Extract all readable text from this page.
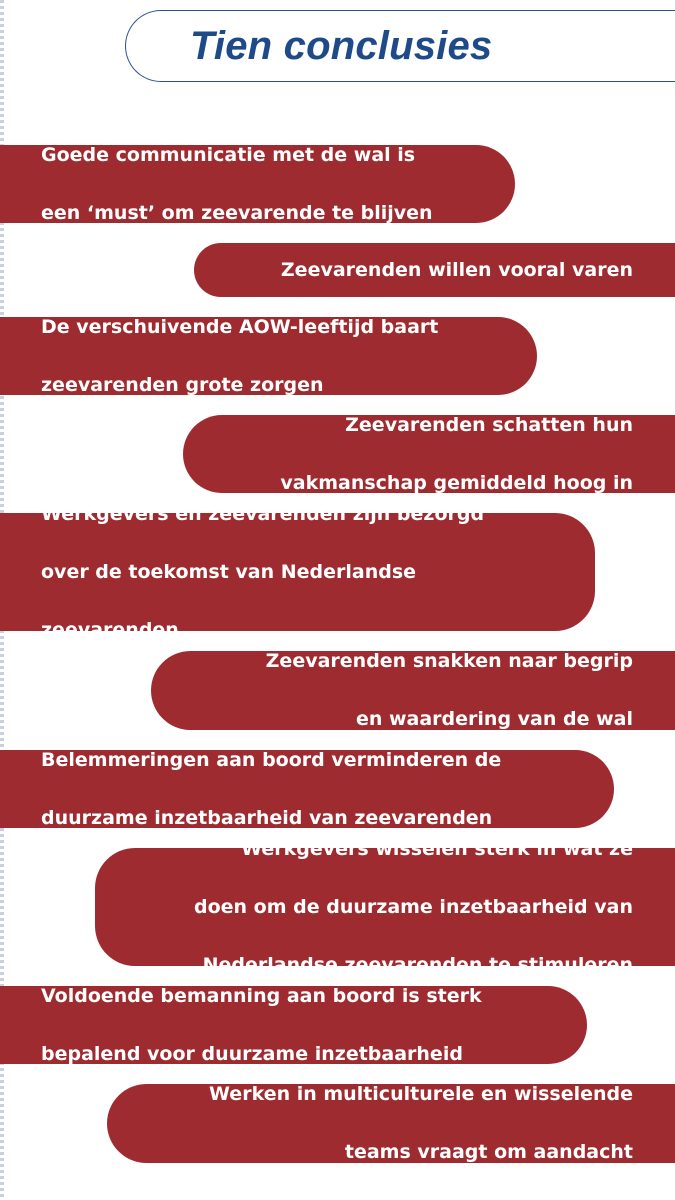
Tien conclusies

Goede communicatie met de wal is

een ‘must’ om zeevarende te blijven

Zeevarenden willen vooral varen

De verschuivende AOW-leeftijd baart

zeevarenden grote zorgen

Zeevarenden schatten hun

vakmanschap gemiddeld hoog in

Werkgevers en zeevarenden zijn bezorgd

over de toekomst van Nederlandse

zeevarenden

Zeevarenden snakken naar begrip

en waardering van de wal

Belemmeringen aan boord verminderen de

duurzame inzetbaarheid van zeevarenden

Werkgevers wisselen sterk in wat ze

doen om de duurzame inzetbaarheid van

Nederlandse zeevarenden te stimuleren

Voldoende bemanning aan boord is sterk

bepalend voor duurzame inzetbaarheid

Werken in multiculturele en wisselende

teams vraagt om aandacht
